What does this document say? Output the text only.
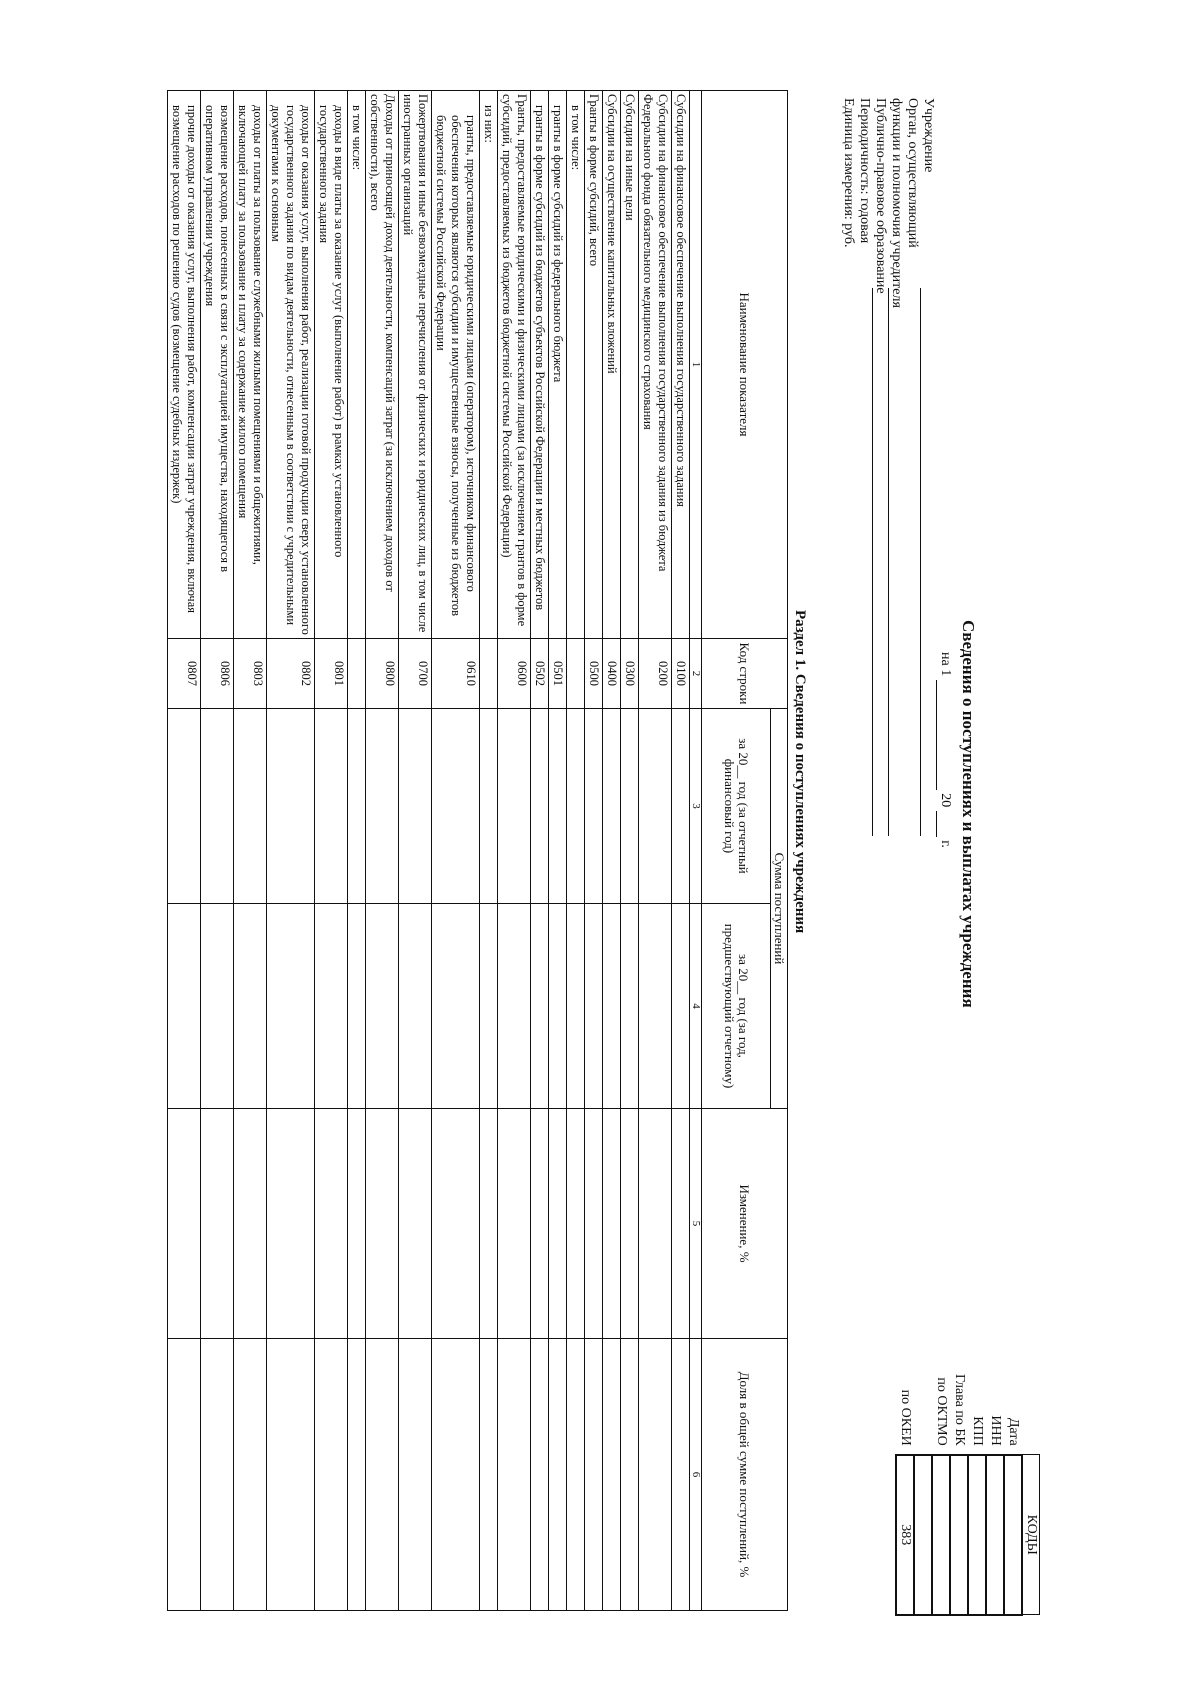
Сведения о поступлениях и выплатах учреждения
на 1   20   г.
Учреждение
Орган, осуществляющий
функции и полномочия учредителя
Публично-правовое образование
Периодичность: годовая
Единица измерения: руб.
	КОДЫ
Дата	
ИНН	
КПП	
Глава по БК	
по ОКТМО	

по ОКЕИ	383
Раздел 1. Сведения о поступлениях учреждения
Наименование показателя	Код строки	Сумма поступлений		Изменение, %	Доля в общей сумме поступлений, %
		за 20__ год (за отчетный финансовый год)	за 20__ год (за год, предшествующий отчетному)		
1	2	3	4	5	6
Субсидии на финансовое обеспечение выполнения государственного задания	0100				
Субсидии на финансовое обеспечение выполнения государственного задания из бюджета Федерального фонда обязательного медицинского страхования	0200				
Субсидии на иные цели	0300				
Субсидии на осуществление капитальных вложений	0400				
Гранты в форме субсидий, всего	0500				
в том числе:					
гранты в форме субсидий из федерального бюджета	0501				
гранты в форме субсидий из бюджетов субъектов Российской Федерации и местных бюджетов	0502				
Гранты, предоставляемые юридическими и физическими лицами (за исключением грантов в форме субсидий, предоставляемых из бюджетов бюджетной системы Российской Федерации)	0600				
из них:					
гранты, предоставляемые юридическими лицами (оператором), источником финансового обеспечения которых являются субсидии и имущественные взносы, полученные из бюджетов бюджетной системы Российской Федерации	0610				
Пожертвования и иные безвозмездные перечисления от физических и юридических лиц, в том числе иностранных организаций	0700				
Доходы от приносящей доход деятельности, компенсаций затрат (за исключением доходов от собственности), всего	0800				
в том числе:					
доходы в виде платы за оказание услуг (выполнение работ) в рамках установленного государственного задания	0801				
доходы от оказания услуг, выполнения работ, реализации готовой продукции сверх установленного государственного задания по видам деятельности, отнесенным в соответствии с учредительными документами к основным	0802				
доходы от платы за пользование служебными жилыми помещениями и общежитиями, включающей плату за пользование и плату за содержание жилого помещения	0803				
возмещение расходов, понесенных в связи с эксплуатацией имущества, находящегося в оперативном управлении учреждения	0806				
прочие доходы от оказания услуг, выполнения работ, компенсации затрат учреждения, включая возмещение расходов по решению судов (возмещение судебных издержек)	0807				
